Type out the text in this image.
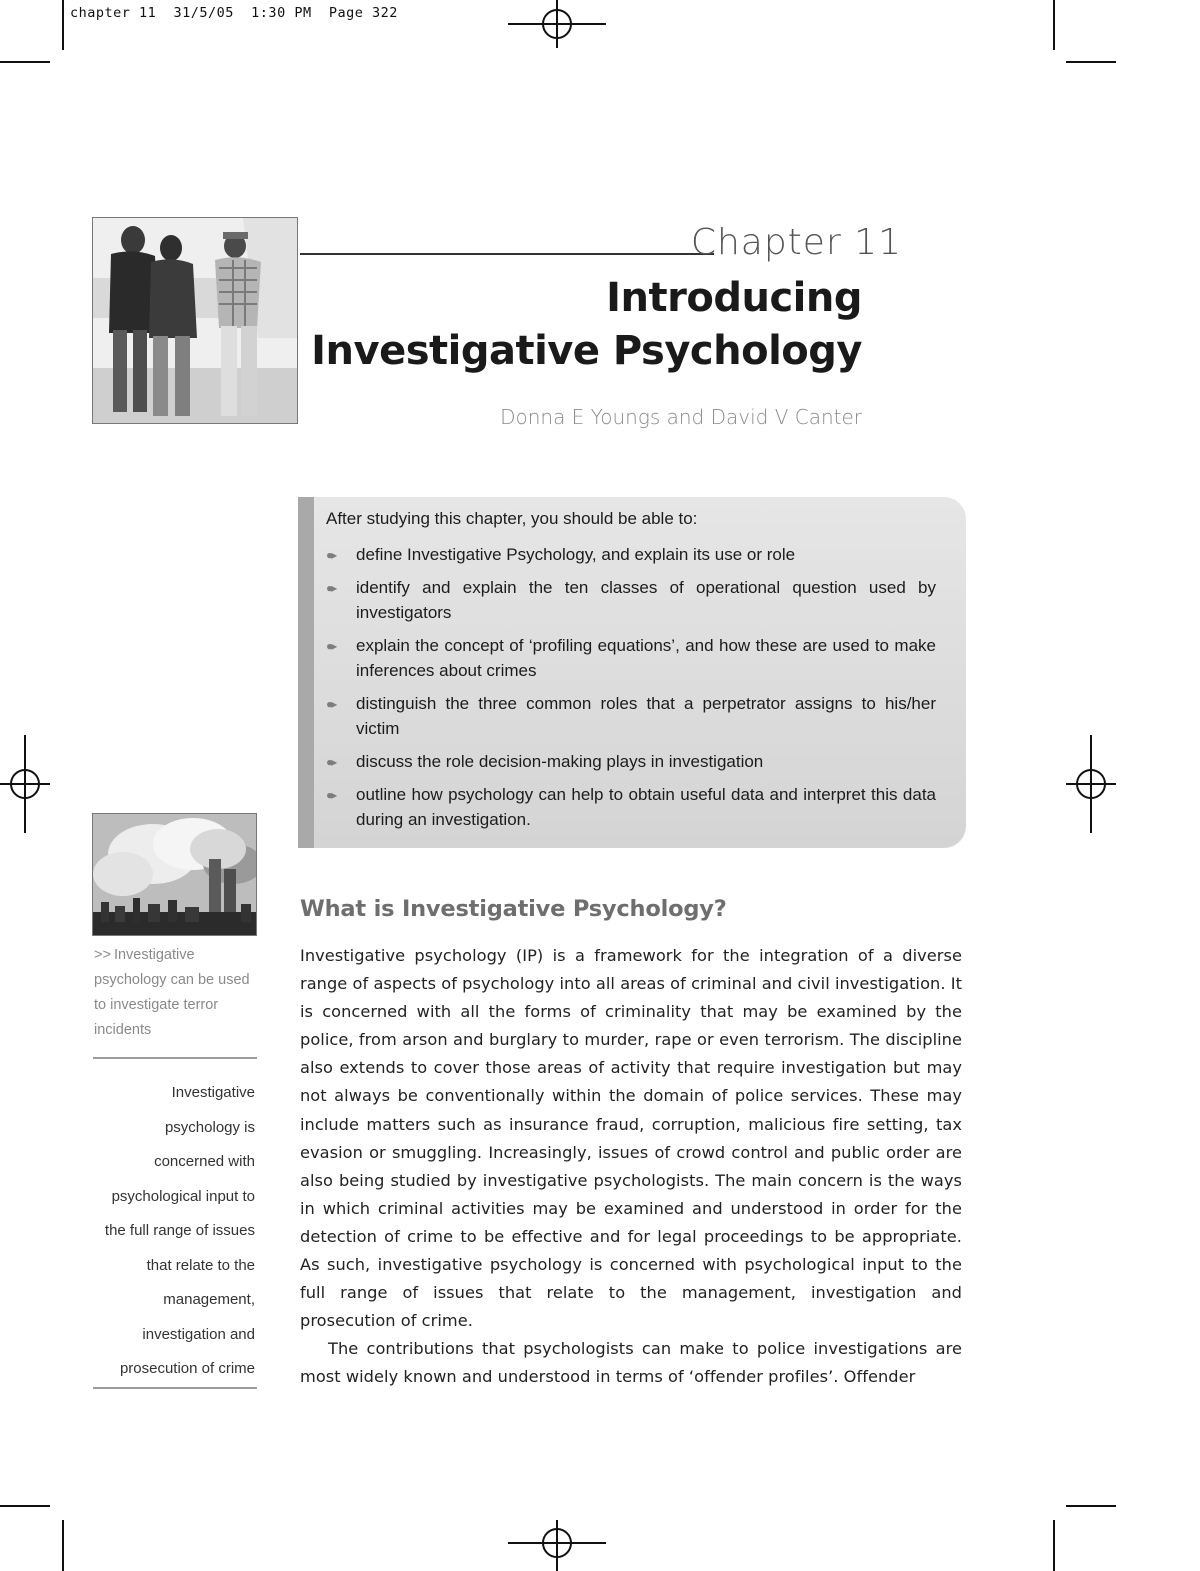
chapter 11  31/5/05  1:30 PM  Page 322
Chapter 11
Introducing
Investigative Psychology
Donna E Youngs and David V Canter
After studying this chapter, you should be able to:
●▸ define Investigative Psychology, and explain its use or role
●▸ identify and explain the ten classes of operational question used by investigators
●▸ explain the concept of ‘profiling equations’, and how these are used to make inferences about crimes
●▸ distinguish the three common roles that a perpetrator assigns to his/her victim
●▸ discuss the role decision-making plays in investigation
●▸ outline how psychology can help to obtain useful data and interpret this data during an investigation.
>> Investigative psychology can be used to investigate terror incidents
Investigative psychology is concerned with psychological input to the full range of issues that relate to the management, investigation and prosecution of crime
What is Investigative Psychology?

Investigative psychology (IP) is a framework for the integration of a diverse range of aspects of psychology into all areas of criminal and civil investigation. It is concerned with all the forms of criminality that may be examined by the police, from arson and burglary to murder, rape or even terrorism. The discipline also extends to cover those areas of activity that require investigation but may not always be conventionally within the domain of police services. These may include matters such as insurance fraud, corruption, malicious fire setting, tax evasion or smuggling. Increasingly, issues of crowd control and public order are also being studied by investigative psychologists. The main concern is the ways in which criminal activities may be examined and understood in order for the detection of crime to be effective and for legal proceedings to be appropriate. As such, investigative psychology is concerned with psychological input to the full range of issues that relate to the management, investigation and prosecution of crime.

The contributions that psychologists can make to police investigations are most widely known and understood in terms of ‘offender profiles’. Offender
